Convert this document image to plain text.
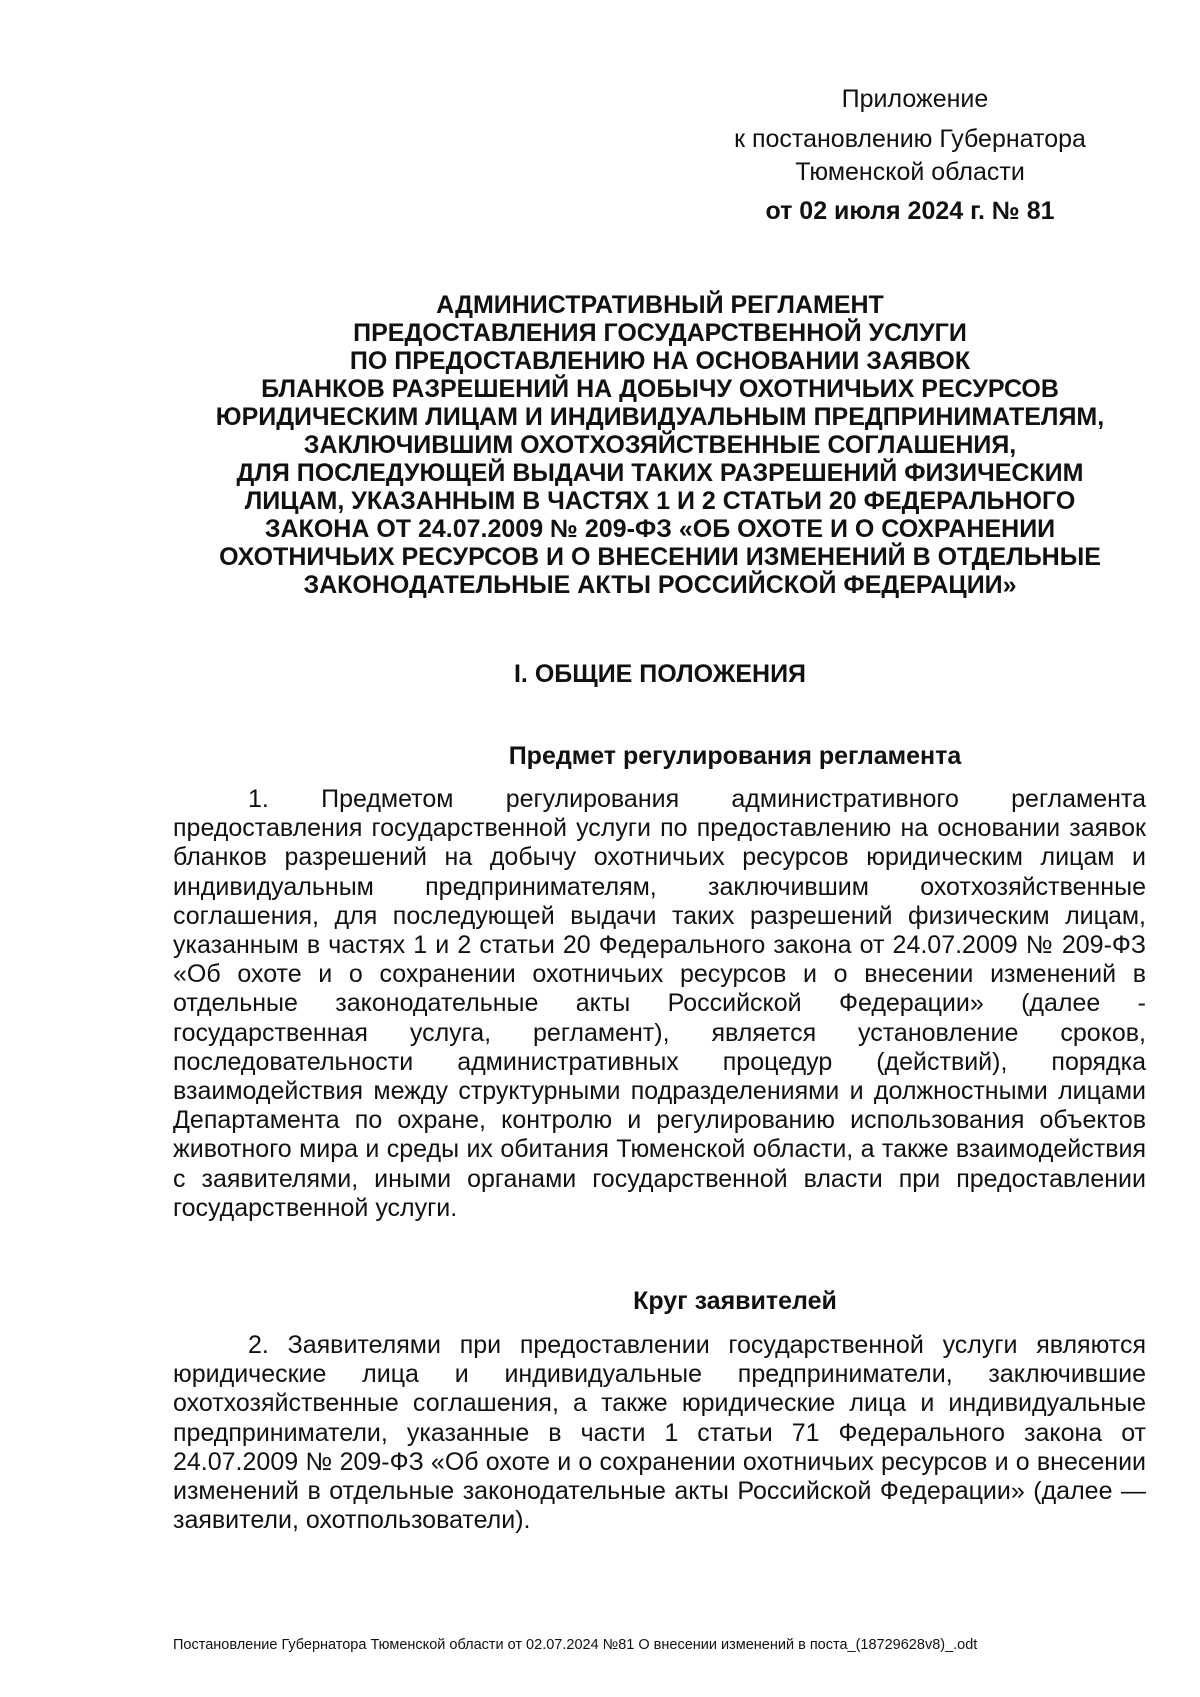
Приложение
к постановлению Губернатора
Тюменской области
от 02 июля 2024 г. № 81
АДМИНИСТРАТИВНЫЙ РЕГЛАМЕНТ
ПРЕДОСТАВЛЕНИЯ ГОСУДАРСТВЕННОЙ УСЛУГИ
ПО ПРЕДОСТАВЛЕНИЮ НА ОСНОВАНИИ ЗАЯВОК
БЛАНКОВ РАЗРЕШЕНИЙ НА ДОБЫЧУ ОХОТНИЧЬИХ РЕСУРСОВ
ЮРИДИЧЕСКИМ ЛИЦАМ И ИНДИВИДУАЛЬНЫМ ПРЕДПРИНИМАТЕЛЯМ,
ЗАКЛЮЧИВШИМ ОХОТХОЗЯЙСТВЕННЫЕ СОГЛАШЕНИЯ,
ДЛЯ ПОСЛЕДУЮЩЕЙ ВЫДАЧИ ТАКИХ РАЗРЕШЕНИЙ ФИЗИЧЕСКИМ
ЛИЦАМ, УКАЗАННЫМ В ЧАСТЯХ 1 И 2 СТАТЬИ 20 ФЕДЕРАЛЬНОГО
ЗАКОНА ОТ 24.07.2009 № 209-ФЗ «ОБ ОХОТЕ И О СОХРАНЕНИИ
ОХОТНИЧЬИХ РЕСУРСОВ И О ВНЕСЕНИИ ИЗМЕНЕНИЙ В ОТДЕЛЬНЫЕ
ЗАКОНОДАТЕЛЬНЫЕ АКТЫ РОССИЙСКОЙ ФЕДЕРАЦИИ»
I. ОБЩИЕ ПОЛОЖЕНИЯ
Предмет регулирования регламента

1. Предметом регулирования административного регламента предоставления государственной услуги по предоставлению на основании заявок бланков разрешений на добычу охотничьих ресурсов юридическим лицам и индивидуальным предпринимателям, заключившим охотхозяйственные соглашения, для последующей выдачи таких разрешений физическим лицам, указанным в частях 1 и 2 статьи 20 Федерального закона от 24.07.2009 № 209-ФЗ «Об охоте и о сохранении охотничьих ресурсов и о внесении изменений в отдельные законодательные акты Российской Федерации» (далее - государственная услуга, регламент), является установление сроков, последовательности административных процедур (действий), порядка взаимодействия между структурными подразделениями и должностными лицами Департамента по охране, контролю и регулированию использования объектов животного мира и среды их обитания Тюменской области, а также взаимодействия с заявителями, иными органами государственной власти при предоставлении государственной услуги.

Круг заявителей

2. Заявителями при предоставлении государственной услуги являются юридические лица и индивидуальные предприниматели, заключившие охотхозяйственные соглашения, а также юридические лица и индивидуальные предприниматели, указанные в части 1 статьи 71 Федерального закона от 24.07.2009 № 209-ФЗ «Об охоте и о сохранении охотничьих ресурсов и о внесении изменений в отдельные законодательные акты Российской Федерации» (далее — заявители, охотпользователи).

Постановление Губернатора Тюменской области от 02.07.2024 №81 О внесении изменений в поста_(18729628v8)_.odt
